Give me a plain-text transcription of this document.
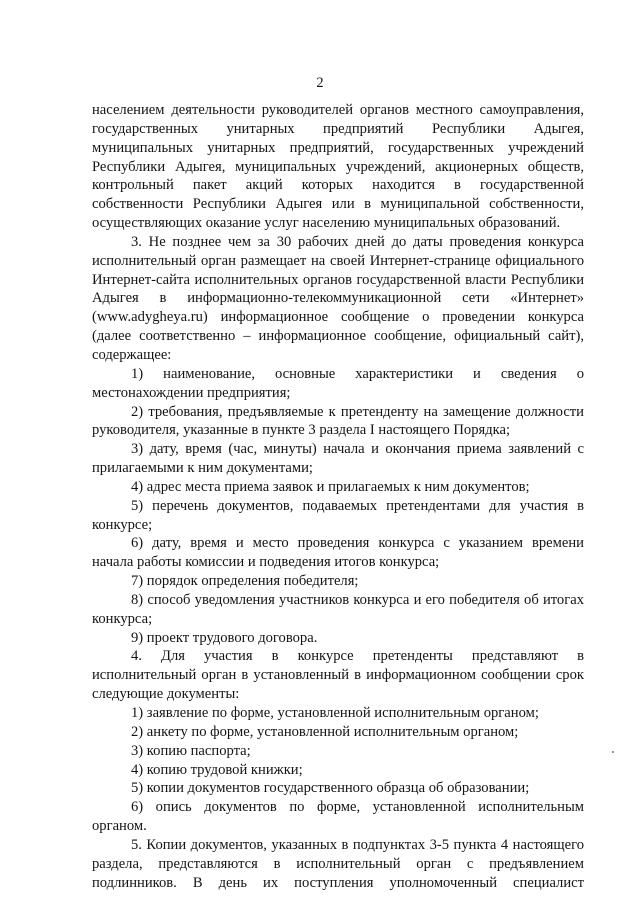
2
населением деятельности руководителей органов местного самоуправления,
государственных унитарных предприятий Республики Адыгея,
муниципальных унитарных предприятий, государственных учреждений
Республики Адыгея, муниципальных учреждений, акционерных обществ,
контрольный пакет акций которых находится в государственной
собственности Республики Адыгея или в муниципальной собственности,
осуществляющих оказание услуг населению муниципальных образований.
3. Не позднее чем за 30 рабочих дней до даты проведения конкурса
исполнительный орган размещает на своей Интернет-странице официального
Интернет-сайта исполнительных органов государственной власти Республики
Адыгея в информационно-телекоммуникационной сети «Интернет»
(www.adygheya.ru) информационное сообщение о проведении конкурса
(далее соответственно – информационное сообщение, официальный сайт),
содержащее:
1) наименование, основные характеристики и сведения о
местонахождении предприятия;
2) требования, предъявляемые к претенденту на замещение должности
руководителя, указанные в пункте 3 раздела I настоящего Порядка;
3) дату, время (час, минуты) начала и окончания приема заявлений с
прилагаемыми к ним документами;
4) адрес места приема заявок и прилагаемых к ним документов;
5) перечень документов, подаваемых претендентами для участия в
конкурсе;
6) дату, время и место проведения конкурса с указанием времени
начала работы комиссии и подведения итогов конкурса;
7) порядок определения победителя;
8) способ уведомления участников конкурса и его победителя об итогах
конкурса;
9) проект трудового договора.
4. Для участия в конкурсе претенденты представляют в
исполнительный орган в установленный в информационном сообщении срок
следующие документы:
1) заявление по форме, установленной исполнительным органом;
2) анкету по форме, установленной исполнительным органом;
3) копию паспорта;
4) копию трудовой книжки;
5) копии документов государственного образца об образовании;
6) опись документов по форме, установленной исполнительным
органом.
5. Копии документов, указанных в подпунктах 3-5 пункта 4 настоящего
раздела, представляются в исполнительный орган с предъявлением
подлинников. В день их поступления уполномоченный специалист
